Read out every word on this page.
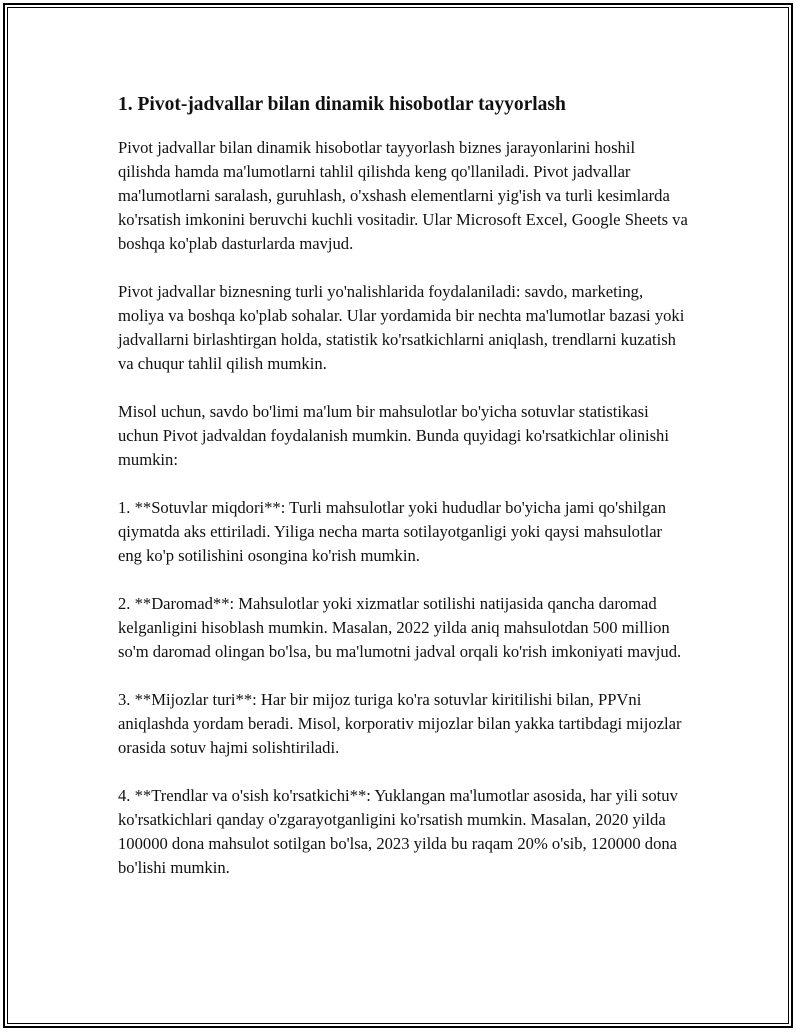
1. Pivot-jadvallar bilan dinamik hisobotlar tayyorlash

Pivot jadvallar bilan dinamik hisobotlar tayyorlash biznes jarayonlarini hoshil qilishda hamda ma'lumotlarni tahlil qilishda keng qo'llaniladi. Pivot jadvallar ma'lumotlarni saralash, guruhlash, o'xshash elementlarni yig'ish va turli kesimlarda ko'rsatish imkonini beruvchi kuchli vositadir. Ular Microsoft Excel, Google Sheets va boshqa ko'plab dasturlarda mavjud.

Pivot jadvallar biznesning turli yo'nalishlarida foydalaniladi: savdo, marketing, moliya va boshqa ko'plab sohalar. Ular yordamida bir nechta ma'lumotlar bazasi yoki jadvallarni birlashtirgan holda, statistik ko'rsatkichlarni aniqlash, trendlarni kuzatish va chuqur tahlil qilish mumkin.

Misol uchun, savdo bo'limi ma'lum bir mahsulotlar bo'yicha sotuvlar statistikasi uchun Pivot jadvaldan foydalanish mumkin. Bunda quyidagi ko'rsatkichlar olinishi mumkin:

1. **Sotuvlar miqdori**: Turli mahsulotlar yoki hududlar bo'yicha jami qo'shilgan qiymatda aks ettiriladi. Yiliga necha marta sotilayotganligi yoki qaysi mahsulotlar eng ko'p sotilishini osongina ko'rish mumkin.

2. **Daromad**: Mahsulotlar yoki xizmatlar sotilishi natijasida qancha daromad kelganligini hisoblash mumkin. Masalan, 2022 yilda aniq mahsulotdan 500 million so'm daromad olingan bo'lsa, bu ma'lumotni jadval orqali ko'rish imkoniyati mavjud.

3. **Mijozlar turi**: Har bir mijoz turiga ko'ra sotuvlar kiritilishi bilan, PPVni aniqlashda yordam beradi. Misol, korporativ mijozlar bilan yakka tartibdagi mijozlar orasida sotuv hajmi solishtiriladi.

4. **Trendlar va o'sish ko'rsatkichi**: Yuklangan ma'lumotlar asosida, har yili sotuv ko'rsatkichlari qanday o'zgarayotganligini ko'rsatish mumkin. Masalan, 2020 yilda 100000 dona mahsulot sotilgan bo'lsa, 2023 yilda bu raqam 20% o'sib, 120000 dona bo'lishi mumkin.
